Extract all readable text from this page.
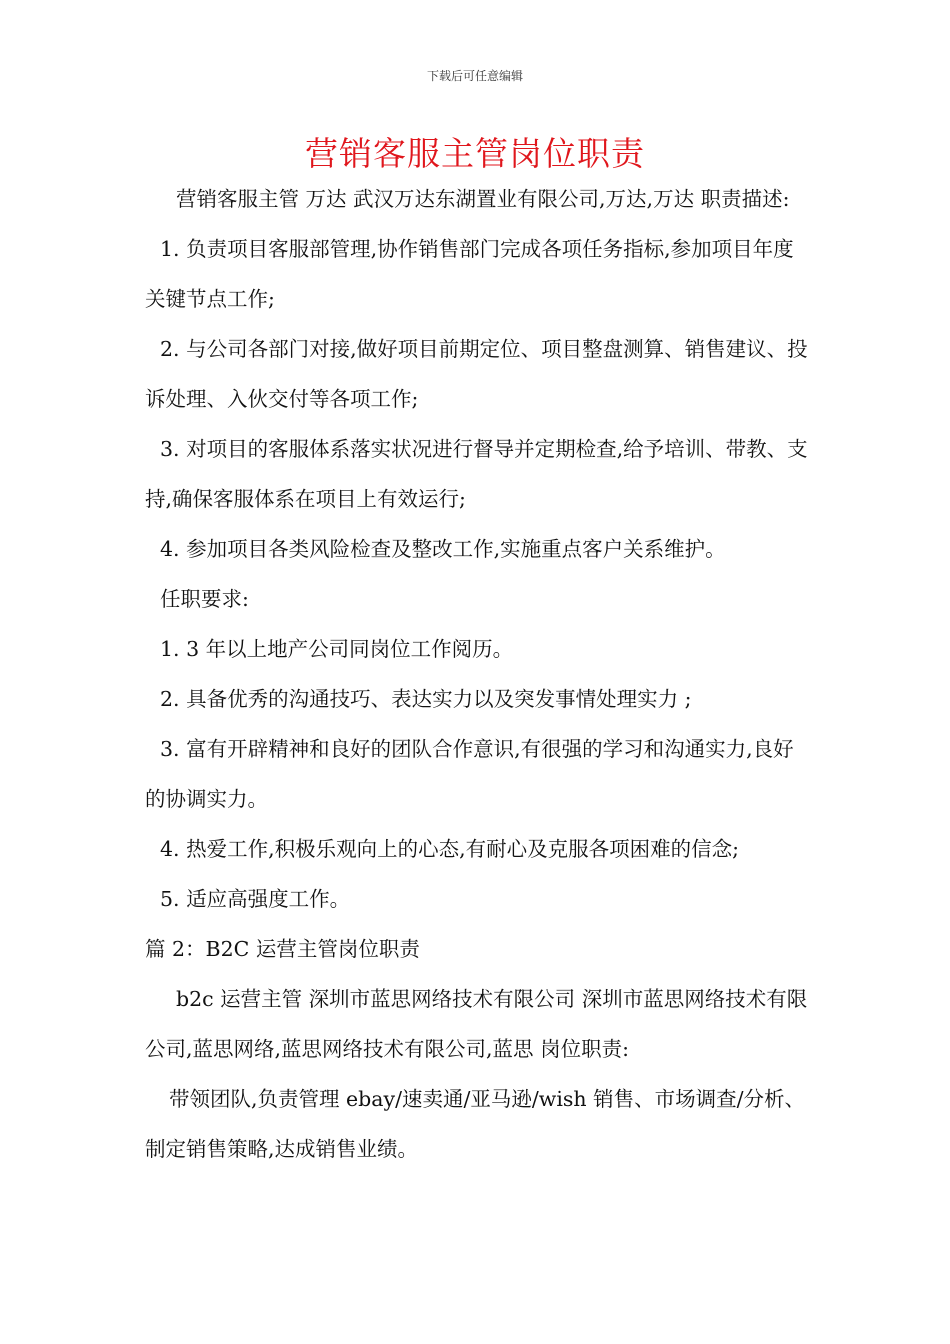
下载后可任意编辑
营销客服主管岗位职责

营销客服主管 万达 武汉万达东湖置业有限公司,万达,万达 职责描述:

1. 负责项目客服部管理,协作销售部门完成各项任务指标,参加项目年度关键节点工作;

2. 与公司各部门对接,做好项目前期定位、项目整盘测算、销售建议、投诉处理、入伙交付等各项工作;

3. 对项目的客服体系落实状况进行督导并定期检查,给予培训、带教、支持,确保客服体系在项目上有效运行;

4. 参加项目各类风险检查及整改工作,实施重点客户关系维护。

任职要求:

1. 3 年以上地产公司同岗位工作阅历。

2. 具备优秀的沟通技巧、表达实力以及突发事情处理实力 ;

3. 富有开辟精神和良好的团队合作意识,有很强的学习和沟通实力,良好的协调实力。

4. 热爱工作,积极乐观向上的心态,有耐心及克服各项困难的信念;

5. 适应高强度工作。

篇 2：B2C 运营主管岗位职责

b2c 运营主管 深圳市蓝思网络技术有限公司 深圳市蓝思网络技术有限公司,蓝思网络,蓝思网络技术有限公司,蓝思 岗位职责:

带领团队,负责管理 ebay/速卖通/亚马逊/wish 销售、市场调查/分析、制定销售策略,达成销售业绩。
